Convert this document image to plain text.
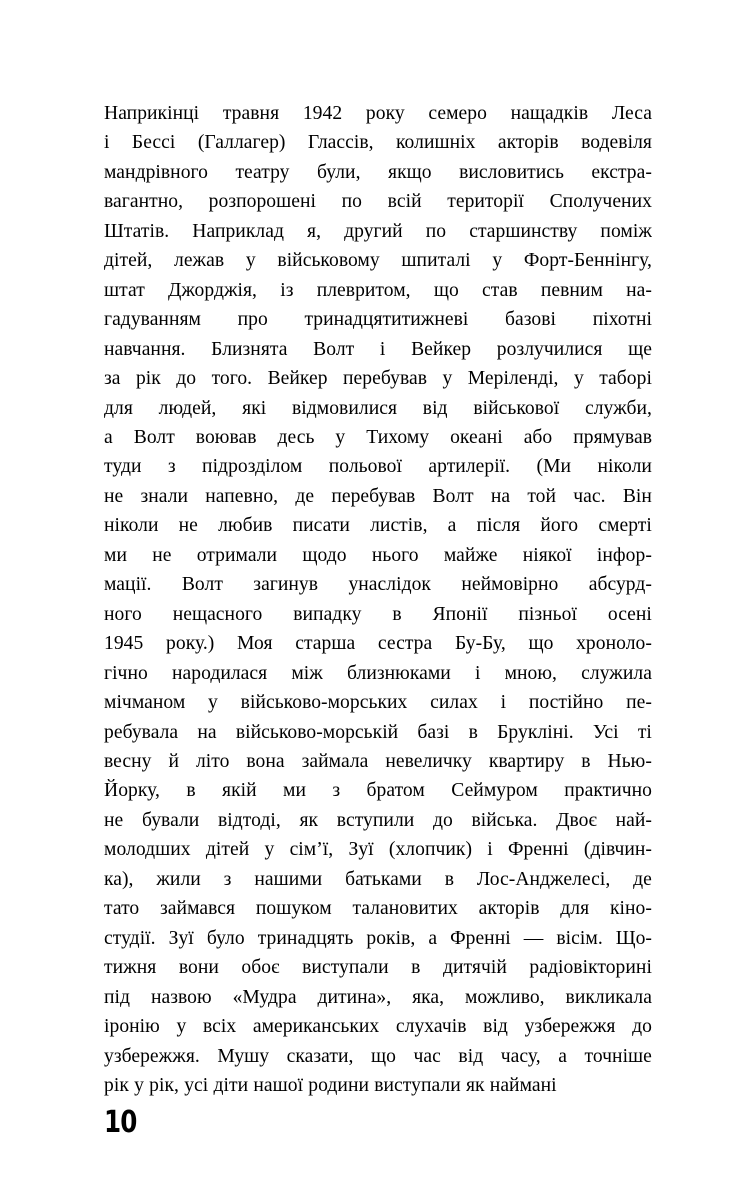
Наприкінці травня 1942 року семеро нащадків Леса
і Бессі (Галлагер) Глассів, колишніх акторів водевіля
мандрівного театру були, якщо висловитись екстра-
вагантно, розпорошені по всій території Сполучених
Штатів. Наприклад я, другий по старшинству поміж
дітей, лежав у військовому шпиталі у Форт-Беннінгу,
штат Джорджія, із плевритом, що став певним на-
гадуванням про тринадцятитижневі базові піхотні
навчання. Близнята Волт і Вейкер розлучилися ще
за рік до того. Вейкер перебував у Меріленді, у таборі
для людей, які відмовилися від військової служби,
а Волт воював десь у Тихому океані або прямував
туди з підрозділом польової артилерії. (Ми ніколи
не знали напевно, де перебував Волт на той час. Він
ніколи не любив писати листів, а після його смерті
ми не отримали щодо нього майже ніякої інфор-
мації. Волт загинув унаслідок неймовірно абсурд-
ного нещасного випадку в Японії пізньої осені
1945 року.) Моя старша сестра Бу-Бу, що хроноло-
гічно народилася між близнюками і мною, служила
мічманом у військово-морських силах і постійно пе-
ребувала на військово-морській базі в Брукліні. Усі ті
весну й літо вона займала невеличку квартиру в Нью-
Йорку, в якій ми з братом Сеймуром практично
не бували відтоді, як вступили до війська. Двоє най-
молодших дітей у сім’ї, Зуї (хлопчик) і Френні (дівчин-
ка), жили з нашими батьками в Лос-Анджелесі, де
тато займався пошуком талановитих акторів для кіно-
студії. Зуї було тринадцять років, а Френні — вісім. Що-
тижня вони обоє виступали в дитячій радіовікторині
під назвою «Мудра дитина», яка, можливо, викликала
іронію у всіх американських слухачів від узбережжя до
узбережжя. Мушу сказати, що час від часу, а точніше
рік у рік, усі діти нашої родини виступали як наймані
10
